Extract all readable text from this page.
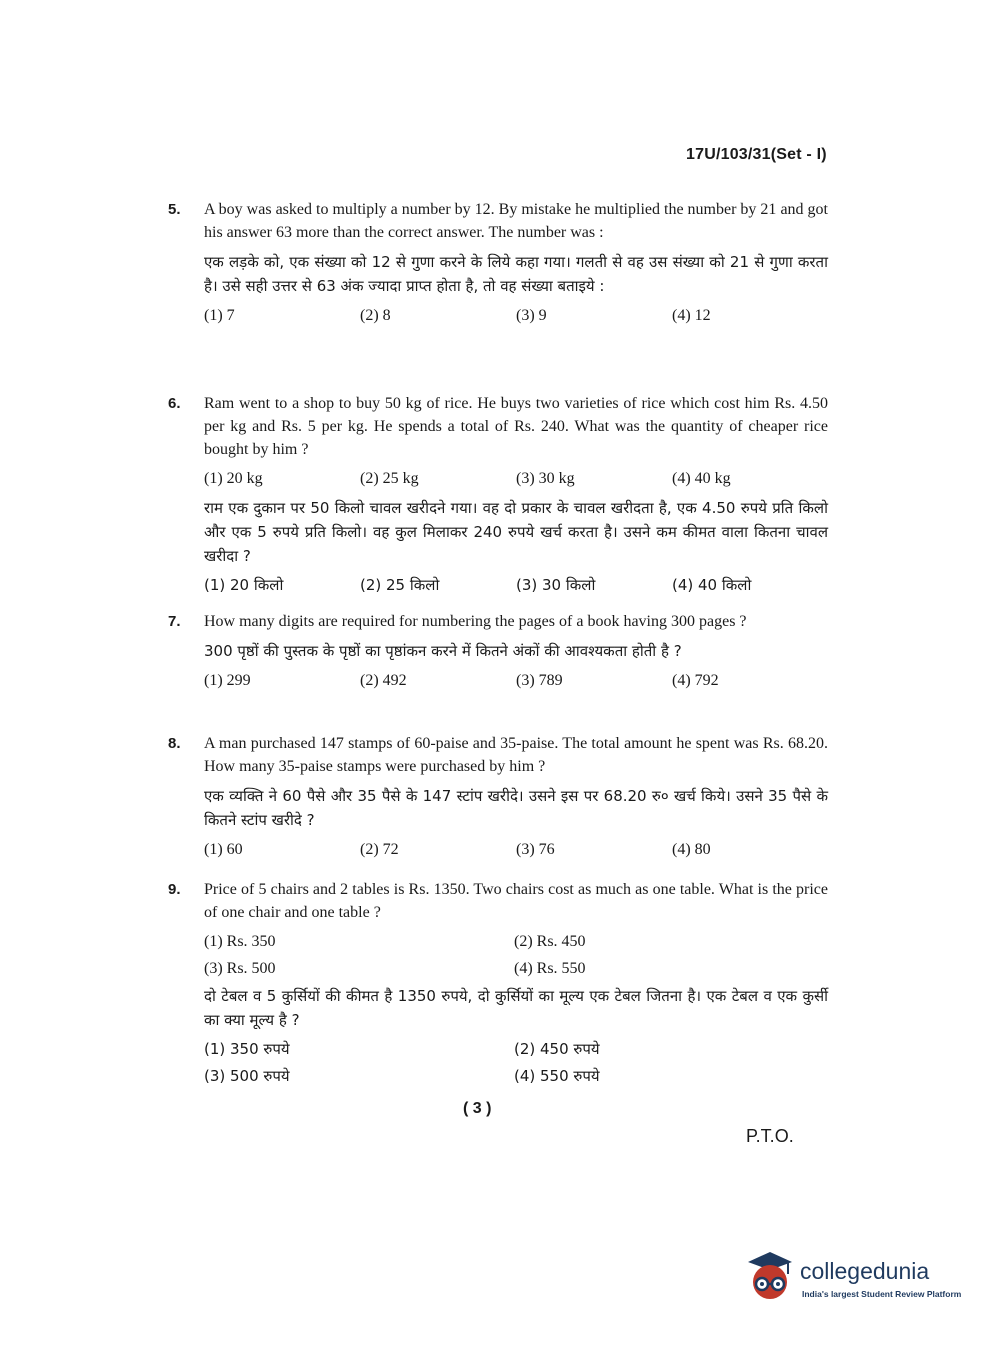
17U/103/31(Set - I)
5.	A boy was asked to multiply a number by 12. By mistake he multiplied the number by 21 and got his answer 63 more than the correct answer. The number was :

एक लड़के को, एक संख्या को 12 से गुणा करने के लिये कहा गया। गलती से वह उस संख्या को 21 से गुणा करता है। उसे सही उत्तर से 63 अंक ज्यादा प्राप्त होता है, तो वह संख्या बताइये :

(1) 7	(2) 8	(3) 9	(4) 12
6.	Ram went to a shop to buy 50 kg of rice. He buys two varieties of rice which cost him Rs. 4.50 per kg and Rs. 5 per kg. He spends a total of Rs. 240. What was the quantity of cheaper rice bought by him ?

(1) 20 kg	(2) 25 kg	(3) 30 kg	(4) 40 kg

राम एक दुकान पर 50 किलो चावल खरीदने गया। वह दो प्रकार के चावल खरीदता है, एक 4.50 रुपये प्रति किलो और एक 5 रुपये प्रति किलो। वह कुल मिलाकर 240 रुपये खर्च करता है। उसने कम कीमत वाला कितना चावल खरीदा ?

(1) 20 किलो	(2) 25 किलो	(3) 30 किलो	(4) 40 किलो
7.	How many digits are required for numbering the pages of a book having 300 pages ?

300 पृष्ठों की पुस्तक के पृष्ठों का पृष्ठांकन करने में कितने अंकों की आवश्यकता होती है ?

(1) 299	(2) 492	(3) 789	(4) 792
8.	A man purchased 147 stamps of 60-paise and 35-paise. The total amount he spent was Rs. 68.20. How many 35-paise stamps were purchased by him ?

एक व्यक्ति ने 60 पैसे और 35 पैसे के 147 स्टांप खरीदे। उसने इस पर 68.20 रु० खर्च किये। उसने 35 पैसे के कितने स्टांप खरीदे ?

(1) 60	(2) 72	(3) 76	(4) 80
9.	Price of 5 chairs and 2 tables is Rs. 1350. Two chairs cost as much as one table. What is the price of one chair and one table ?

(1) Rs. 350	(2) Rs. 450
(3) Rs. 500	(4) Rs. 550

दो टेबल व 5 कुर्सियों की कीमत है 1350 रुपये, दो कुर्सियों का मूल्य एक टेबल जितना है। एक टेबल व एक कुर्सी का क्या मूल्य है ?

(1) 350 रुपये	(2) 450 रुपये
(3) 500 रुपये	(4) 550 रुपये
( 3 )
P.T.O.
collegedunia
India's largest Student Review Platform
